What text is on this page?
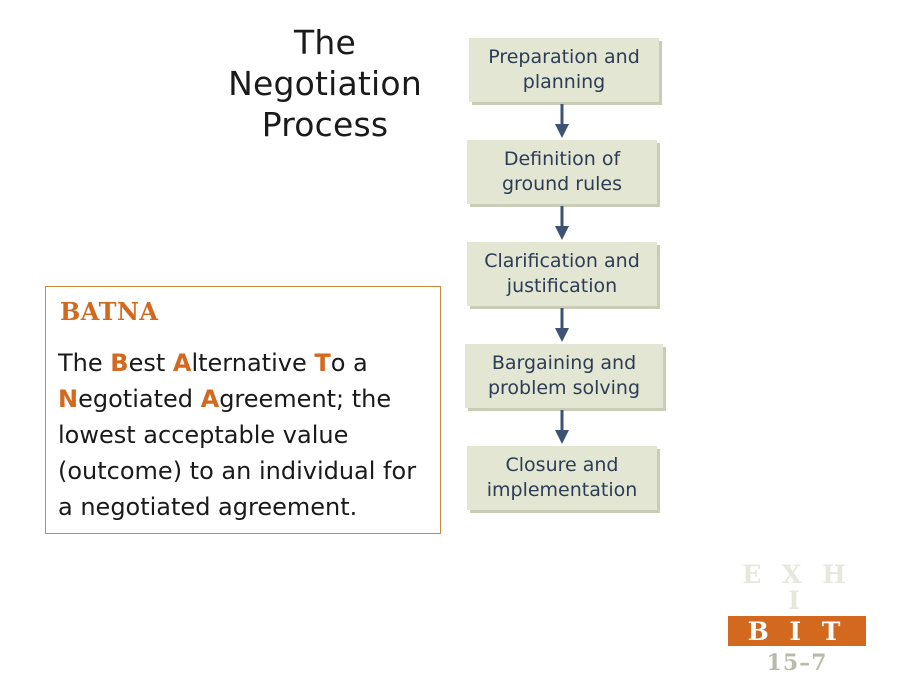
The
Negotiation
Process
BATNA
The Best Alternative To a Negotiated Agreement; the lowest acceptable value (outcome) to an individual for a negotiated agreement.
Preparation and planning
Definition of ground rules
Clarification and justification
Bargaining and problem solving
Closure and implementation
E X H I
B I T
15–7
